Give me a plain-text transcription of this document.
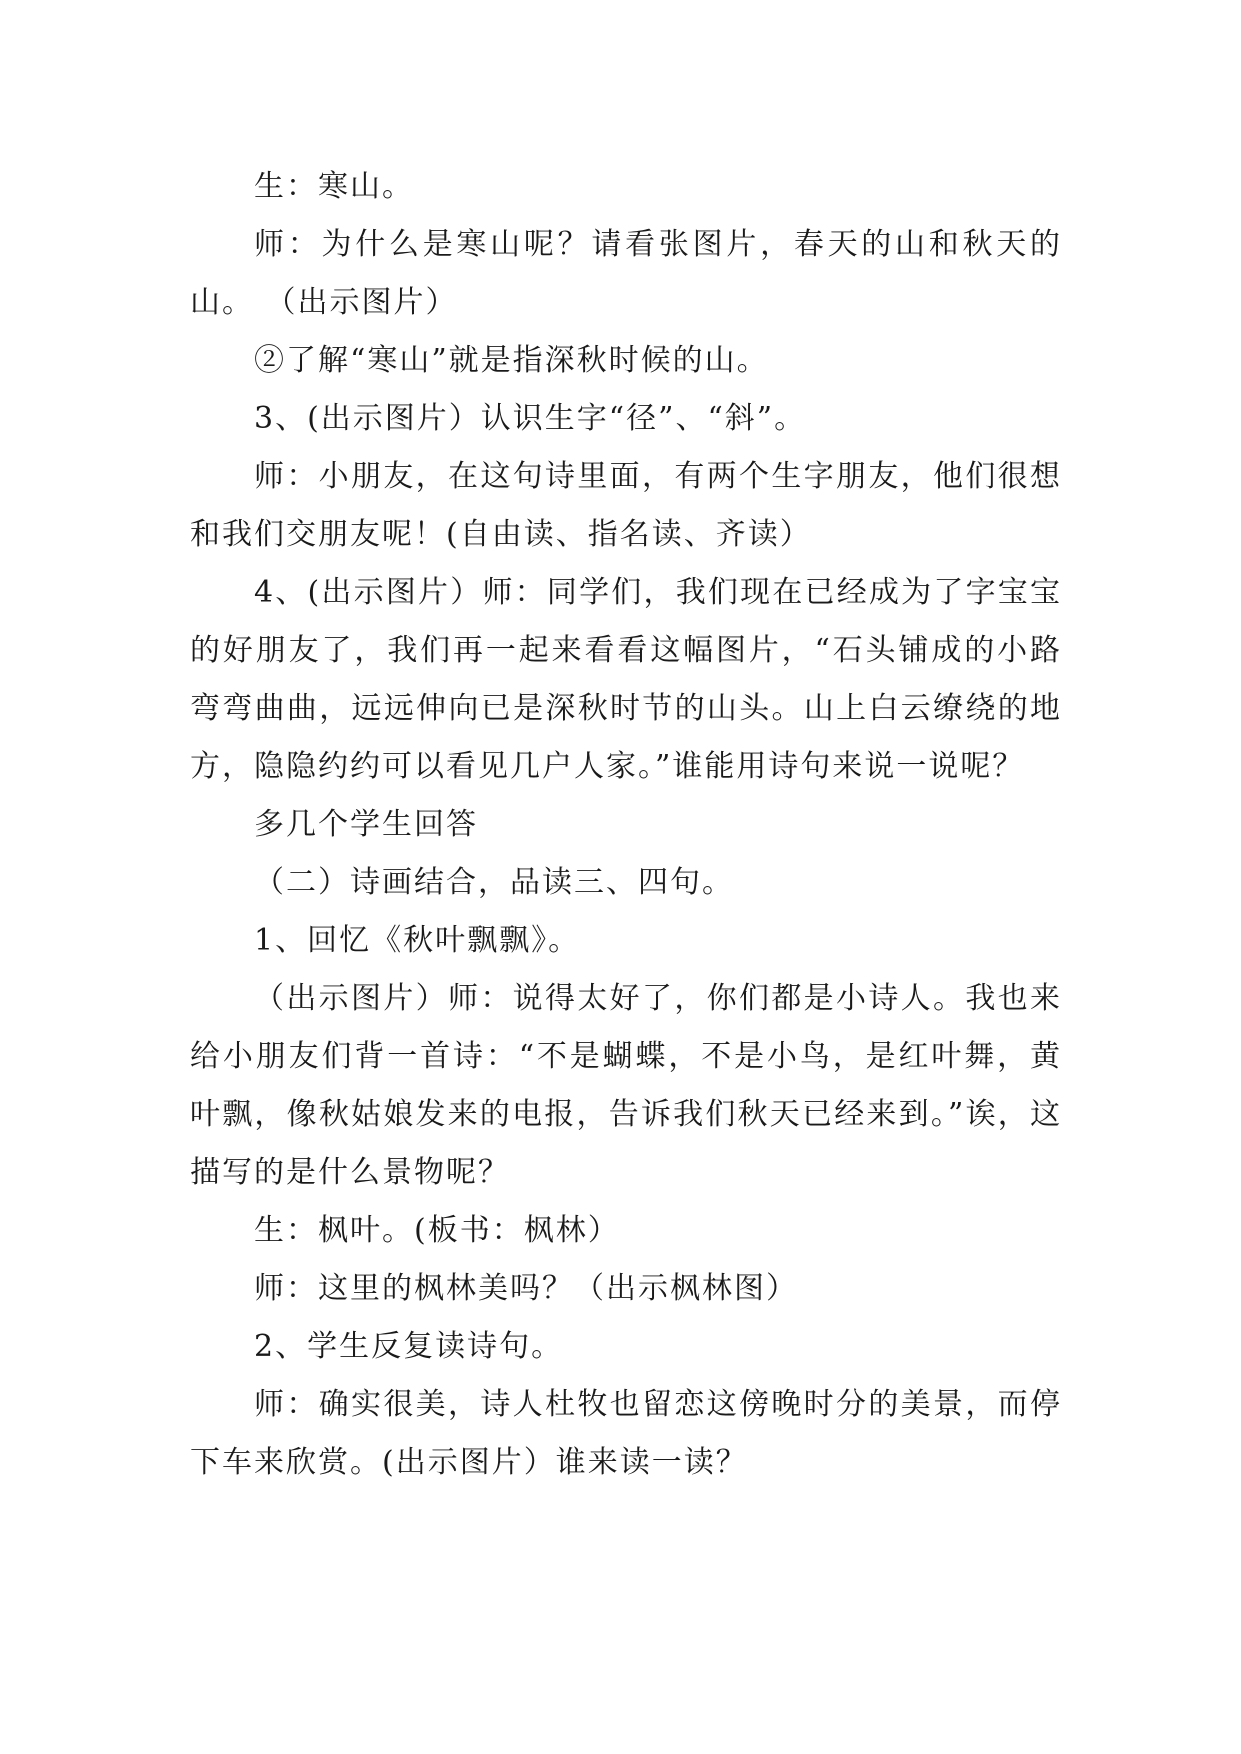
生：寒山。

师：为什么是寒山呢？请看张图片，春天的山和秋天的山。 （出示图片）

②了解“寒山”就是指深秋时候的山。

3、(出示图片）认识生字“径”、“斜”。

师：小朋友，在这句诗里面，有两个生字朋友，他们很想和我们交朋友呢！(自由读、指名读、齐读）

4、(出示图片）师：同学们，我们现在已经成为了字宝宝的好朋友了，我们再一起来看看这幅图片，“石头铺成的小路弯弯曲曲，远远伸向已是深秋时节的山头。山上白云缭绕的地方，隐隐约约可以看见几户人家。”谁能用诗句来说一说呢？

多几个学生回答

（二）诗画结合，品读三、四句。

1、回忆《秋叶飘飘》。

（出示图片）师：说得太好了，你们都是小诗人。我也来给小朋友们背一首诗：“不是蝴蝶，不是小鸟，是红叶舞，黄叶飘，像秋姑娘发来的电报，告诉我们秋天已经来到。”诶，这描写的是什么景物呢？

生：枫叶。(板书：枫林）

师：这里的枫林美吗？（出示枫林图）

2、学生反复读诗句。

师：确实很美，诗人杜牧也留恋这傍晚时分的美景，而停下车来欣赏。(出示图片）谁来读一读？
